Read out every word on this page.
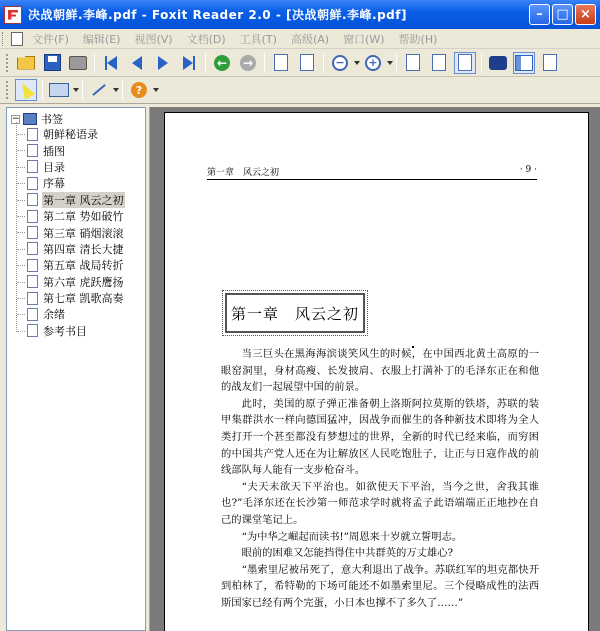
决战朝鲜.李峰.pdf - Foxit Reader 2.0 - [决战朝鲜.李峰.pdf]	–	□ ×
文件(F)	编辑(E)	视图(V)	文档(D)	工具(T)	高级(A)	窗口(W)	帮助(H)
← →	−	+
?
− 书签
朝鲜秘语录
插图
目录
序幕
第一章 风云之初
第二章 势如破竹
第三章 硝烟滚滚
第四章 清长大捷
第五章 战局转折
第六章 虎跃鹰扬
第七章 凯歌高奏
余绪
参考书目
第一章　风云之初	· 9 ·
第一章　风云之初

当三巨头在黑海海滨谈笑风生的时候，在中国西北黄土高原的一眼窑洞里，身材高瘦、长发披肩、衣服上打满补丁的毛泽东正在和他的战友们一起展望中国的前景。

此时，美国的原子弹正准备朝上洛斯阿拉莫斯的铁塔，苏联的装甲集群洪水一样向德国猛冲，因战争而催生的各种新技术即将为全人类打开一个甚至都没有梦想过的世界，全新的时代已经来临，而穷困的中国共产党人还在为让解放区人民吃饱肚子，让正与日寇作战的前线部队每人能有一支步枪奋斗。

“夫天未欲天下平治也。如欲使天下平治，当今之世，舍我其谁也?”毛泽东还在长沙第一师范求学时就将孟子此语端端正正地抄在自己的课堂笔记上。

“为中华之崛起而读书!”周恩来十岁就立誓明志。

眼前的困难又怎能挡得住中共群英的万丈雄心?

“墨索里尼被吊死了，意大利退出了战争。苏联红军的坦克都快开到柏林了，希特勒的下场可能还不如墨索里尼。三个侵略成性的法西斯国家已经有两个完蛋，小日本也撑不了多久了……”
